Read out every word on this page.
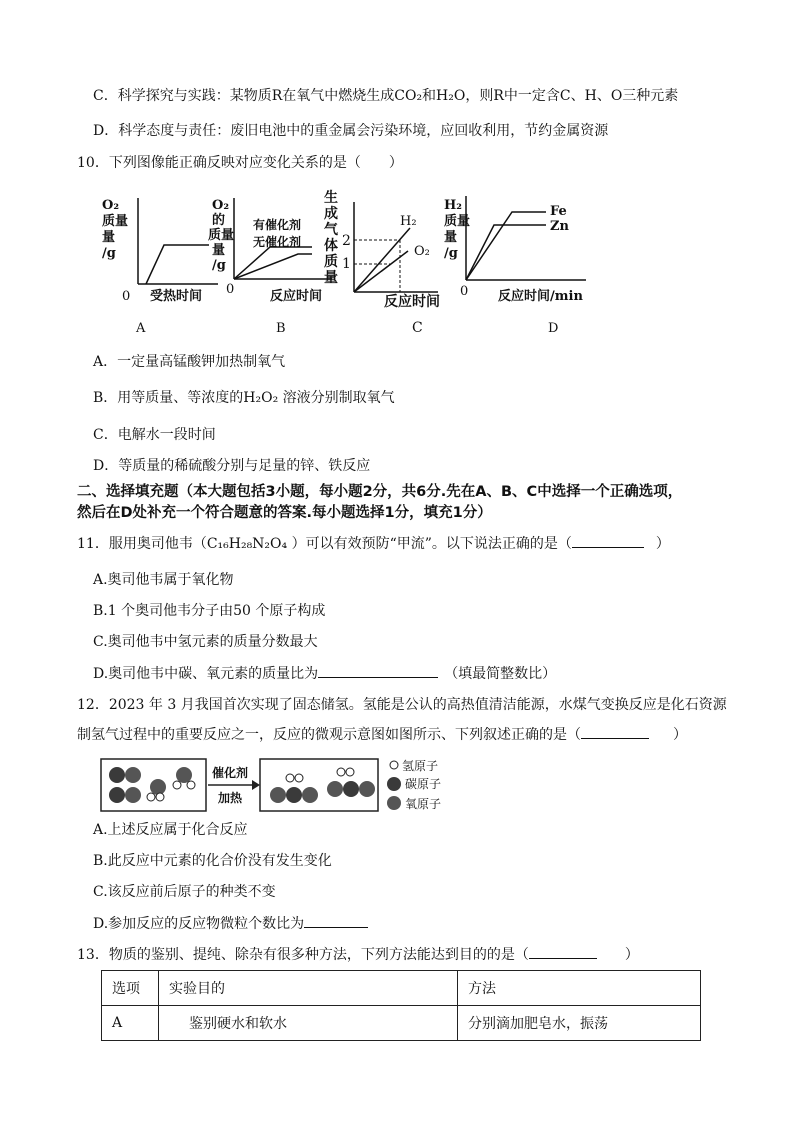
C．科学探究与实践：某物质R在氧气中燃烧生成CO₂和H₂O，则R中一定含C、H、O三种元素
D．科学态度与责任：废旧电池中的重金属会污染环境，应回收利用，节约金属资源
10．下列图像能正确反映对应变化关系的是（　　）
O₂
质量
量
/g
0 受热时间
A
O₂
的
质量
量
/g
0	反应时间
B
有催化剂
无催化剂
生
成
气
体
质
量
2
1
反应时间
C
H₂
O₂
H₂
质量
量
/g
0 反应时间/min
D
Fe
Zn
A．一定量高锰酸钾加热制氧气
B．用等质量、等浓度的H₂O₂ 溶液分别制取氧气
C．电解水一段时间
D．等质量的稀硫酸分别与足量的锌、铁反应
二、选择填充题（本大题包括3小题，每小题2分，共6分.先在A、B、C中选择一个正确选项，
然后在D处补充一个符合题意的答案.每小题选择1分，填充1分）
11．服用奥司他韦（C₁₆H₂₈N₂O₄ ）可以有效预防“甲流”。以下说法正确的是（	）
A.奥司他韦属于氧化物
B.1 个奥司他韦分子由50 个原子构成
C.奥司他韦中氢元素的质量分数最大
D.奥司他韦中碳、氧元素的质量比为	（填最简整数比）
12．2023 年 3 月我国首次实现了固态储氢。氢能是公认的高热值清洁能源，水煤气变换反应是化石资源
制氢气过程中的重要反应之一，反应的微观示意图如图所示、下列叙述正确的是（	）
催化剂
加热
氢原子
碳原子
氧原子
A.上述反应属于化合反应
B.此反应中元素的化合价没有发生变化
C.该反应前后原子的种类不变
D.参加反应的反应物微粒个数比为
13．物质的鉴别、提纯、除杂有很多种方法，下列方法能达到目的的是（	）
选项	实验目的	方法
A	鉴别硬水和软水	分别滴加肥皂水，振荡
